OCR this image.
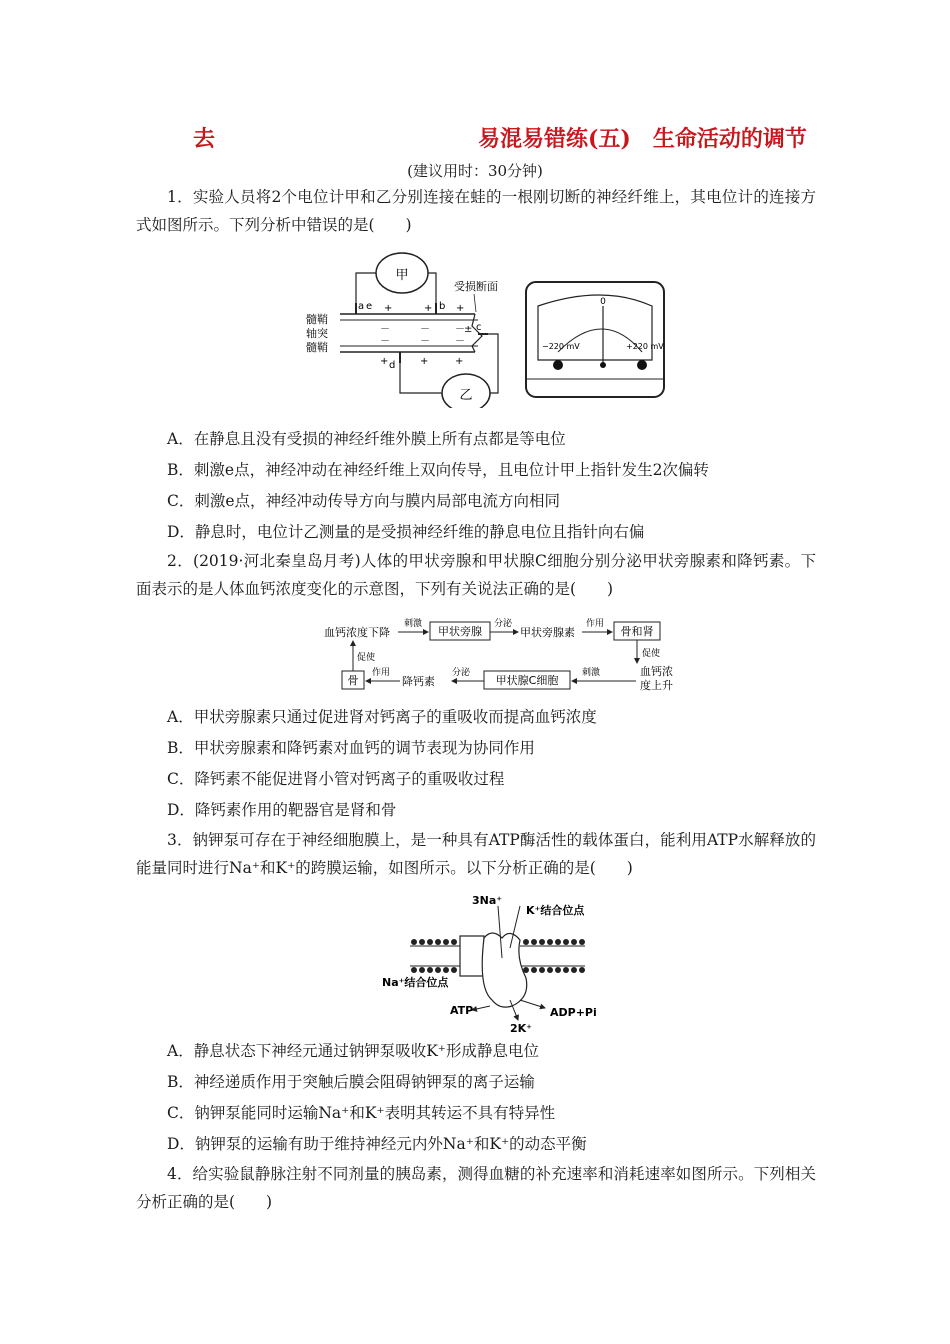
去	易混易错练(五)　生命活动的调节
(建议用时：30分钟)
1．实验人员将2个电位计甲和乙分别连接在蛙的一根刚切断的神经纤维上，其电位计的连接方式如图所示。下列分析中错误的是(　　)
甲
a e +	+ b +
－	－	－
－	－	－
± c
+ d +	+
受损断面
髓鞘
轴突
髓鞘
乙
0
−220 mV	+220 mV
A．在静息且没有受损的神经纤维外膜上所有点都是等电位
B．刺激e点，神经冲动在神经纤维上双向传导，且电位计甲上指针发生2次偏转
C．刺激e点，神经冲动传导方向与膜内局部电流方向相同
D．静息时，电位计乙测量的是受损神经纤维的静息电位且指针向右偏
2．(2019·河北秦皇岛月考)人体的甲状旁腺和甲状腺C细胞分别分泌甲状旁腺素和降钙素。下面表示的是人体血钙浓度变化的示意图，下列有关说法正确的是(　　)
血钙浓度下降
刺激
甲状旁腺
分泌
甲状旁腺素
作用
骨和肾
促使
血钙浓
度上升
刺激
甲状腺C细胞
分泌
降钙素
作用
骨
促使
A．甲状旁腺素只通过促进肾对钙离子的重吸收而提高血钙浓度
B．甲状旁腺素和降钙素对血钙的调节表现为协同作用
C．降钙素不能促进肾小管对钙离子的重吸收过程
D．降钙素作用的靶器官是肾和骨
3．钠钾泵可存在于神经细胞膜上，是一种具有ATP酶活性的载体蛋白，能利用ATP水解释放的能量同时进行Na⁺和K⁺的跨膜运输，如图所示。以下分析正确的是(　　)
3Na⁺
K⁺结合位点
Na⁺结合位点
ATP	ADP+Pi
2K⁺
A．静息状态下神经元通过钠钾泵吸收K⁺形成静息电位
B．神经递质作用于突触后膜会阻碍钠钾泵的离子运输
C．钠钾泵能同时运输Na⁺和K⁺表明其转运不具有特异性
D．钠钾泵的运输有助于维持神经元内外Na⁺和K⁺的动态平衡
4．给实验鼠静脉注射不同剂量的胰岛素，测得血糖的补充速率和消耗速率如图所示。下列相关分析正确的是(　　)
